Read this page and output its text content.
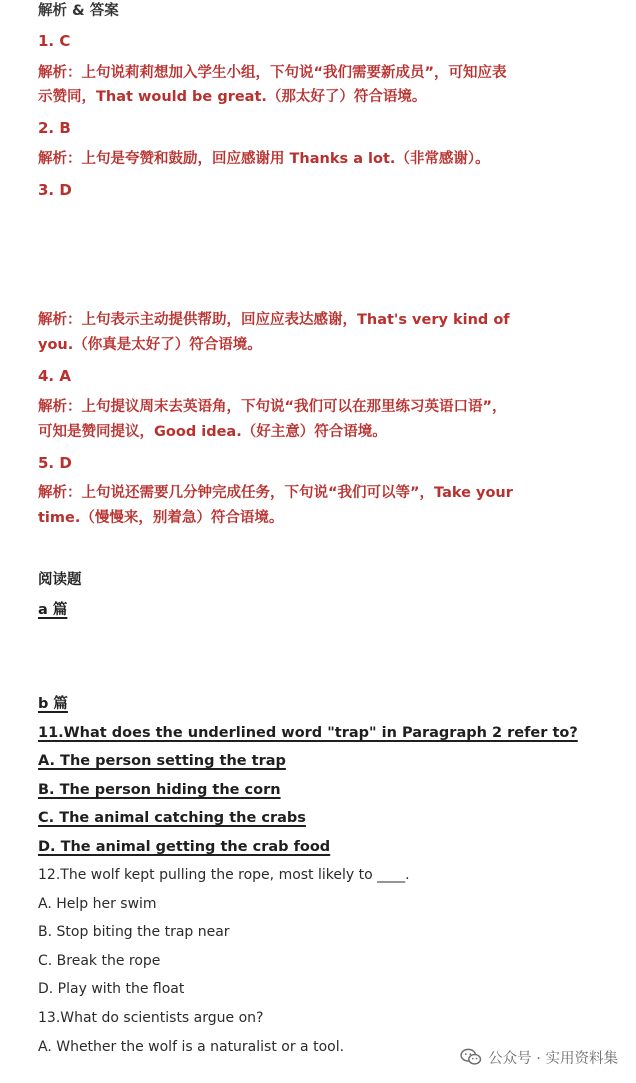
解析 & 答案
1. C
解析：上句说莉莉想加入学生小组，下句说“我们需要新成员”，可知应表
示赞同，That would be great.（那太好了）符合语境。
2. B
解析：上句是夸赞和鼓励，回应感谢用 Thanks a lot.（非常感谢）。
3. D
解析：上句表示主动提供帮助，回应应表达感谢，That's very kind of
you.（你真是太好了）符合语境。
4. A
解析：上句提议周末去英语角，下句说“我们可以在那里练习英语口语”，
可知是赞同提议，Good idea.（好主意）符合语境。
5. D
解析：上句说还需要几分钟完成任务，下句说“我们可以等”，Take your
time.（慢慢来，别着急）符合语境。
阅读题
a 篇
b 篇
11.What does the underlined word "trap" in Paragraph 2 refer to?
A. The person setting the trap
B. The person hiding the corn
C. The animal catching the crabs
D. The animal getting the crab food
12.The wolf kept pulling the rope, most likely to ____.
A. Help her swim
B. Stop biting the trap near
C. Break the rope
D. Play with the float
13.What do scientists argue on?
A. Whether the wolf is a naturalist or a tool.
公众号 · 实用资料集
